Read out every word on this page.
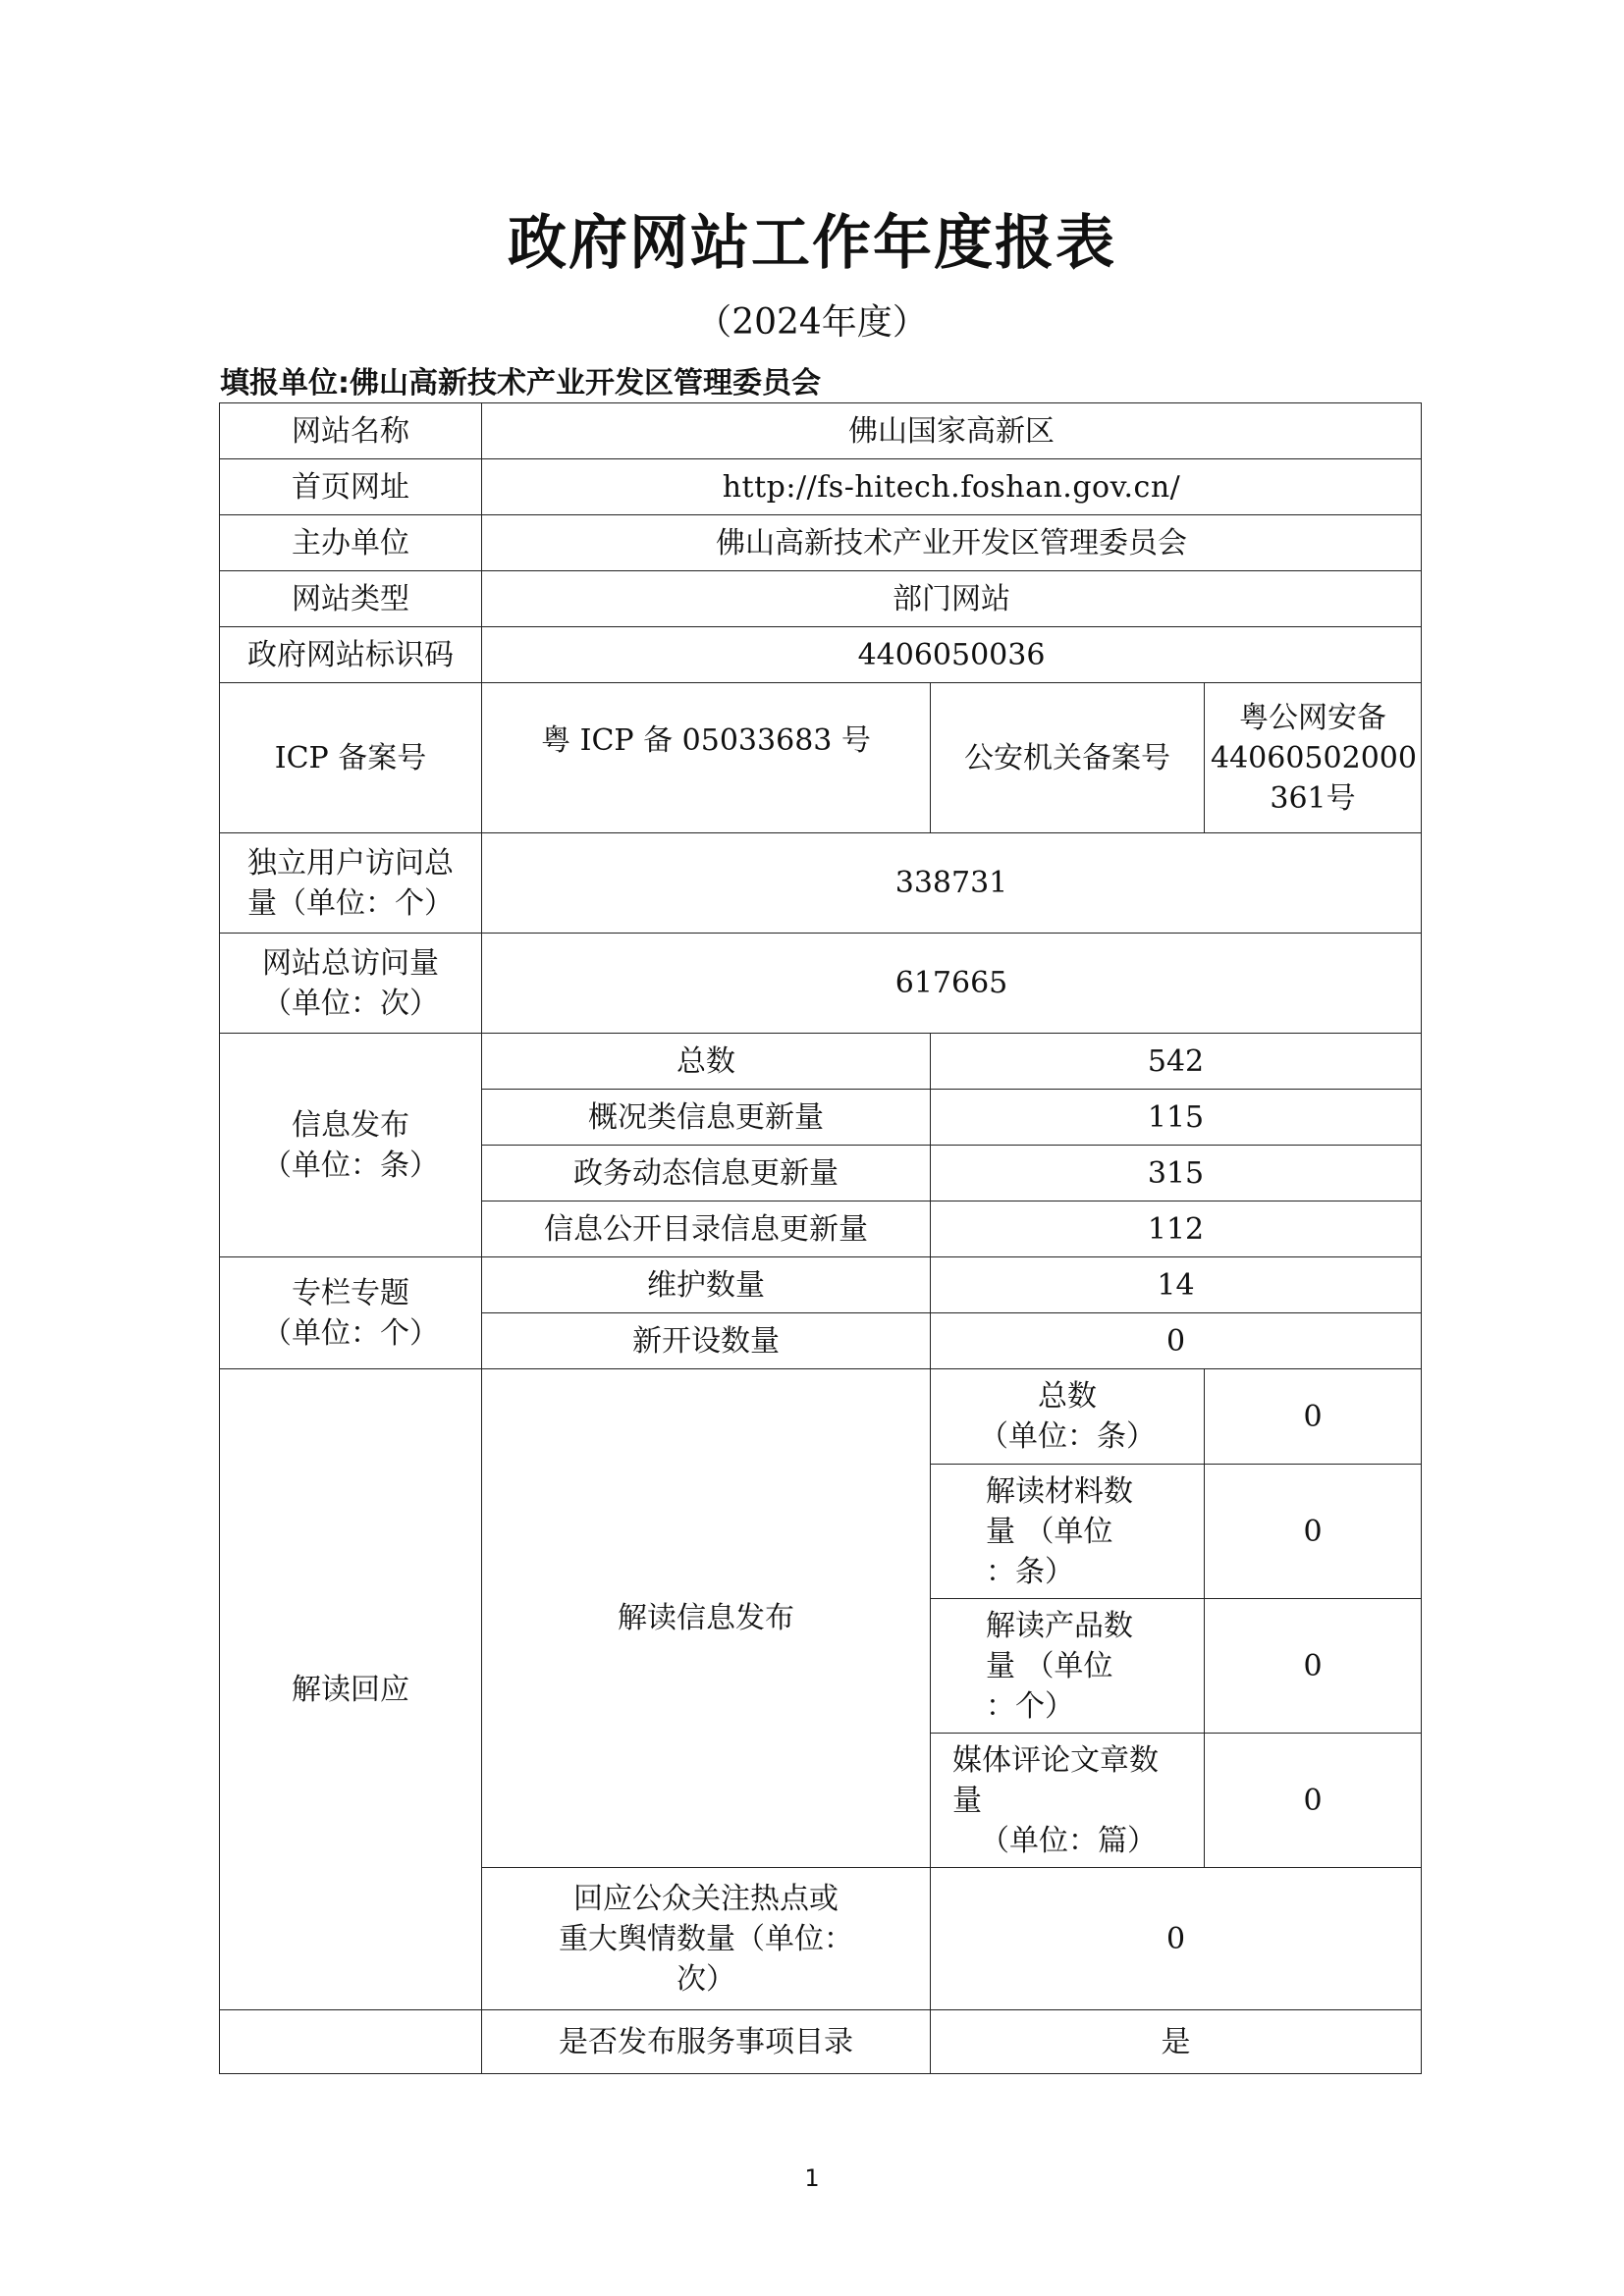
政府网站工作年度报表
（2024年度）
填报单位:佛山高新技术产业开发区管理委员会
网站名称	佛山国家高新区		
首页网址	http://fs-hitech.foshan.gov.cn/		
主办单位	佛山高新技术产业开发区管理委员会		
网站类型	部门网站		
政府网站标识码	4406050036		
ICP 备案号	粤 ICP 备 05033683 号	公安机关备案号	粤公网安备
44060502000
361号

独立用户访问总
量（单位：个）	338731		

网站总访问量
（单位：次）	617665		

信息发布
（单位：条）	总数	542	
	概况类信息更新量	115	
	政务动态信息更新量	315	
	信息公开目录信息更新量	112	

专栏专题
（单位：个）	维护数量	14	
	新开设数量	0	
解读回应	解读信息发布	总数
（单位：条）	0

		解读材料数
量 （单位
：条）	0

		解读产品数
量 （单位
：个）	0

		媒体评论文章数
量
（单位：篇）	0

	回应公众关注热点或
重大舆情数量（单位：
次）	0	
	是否发布服务事项目录	是	
1
